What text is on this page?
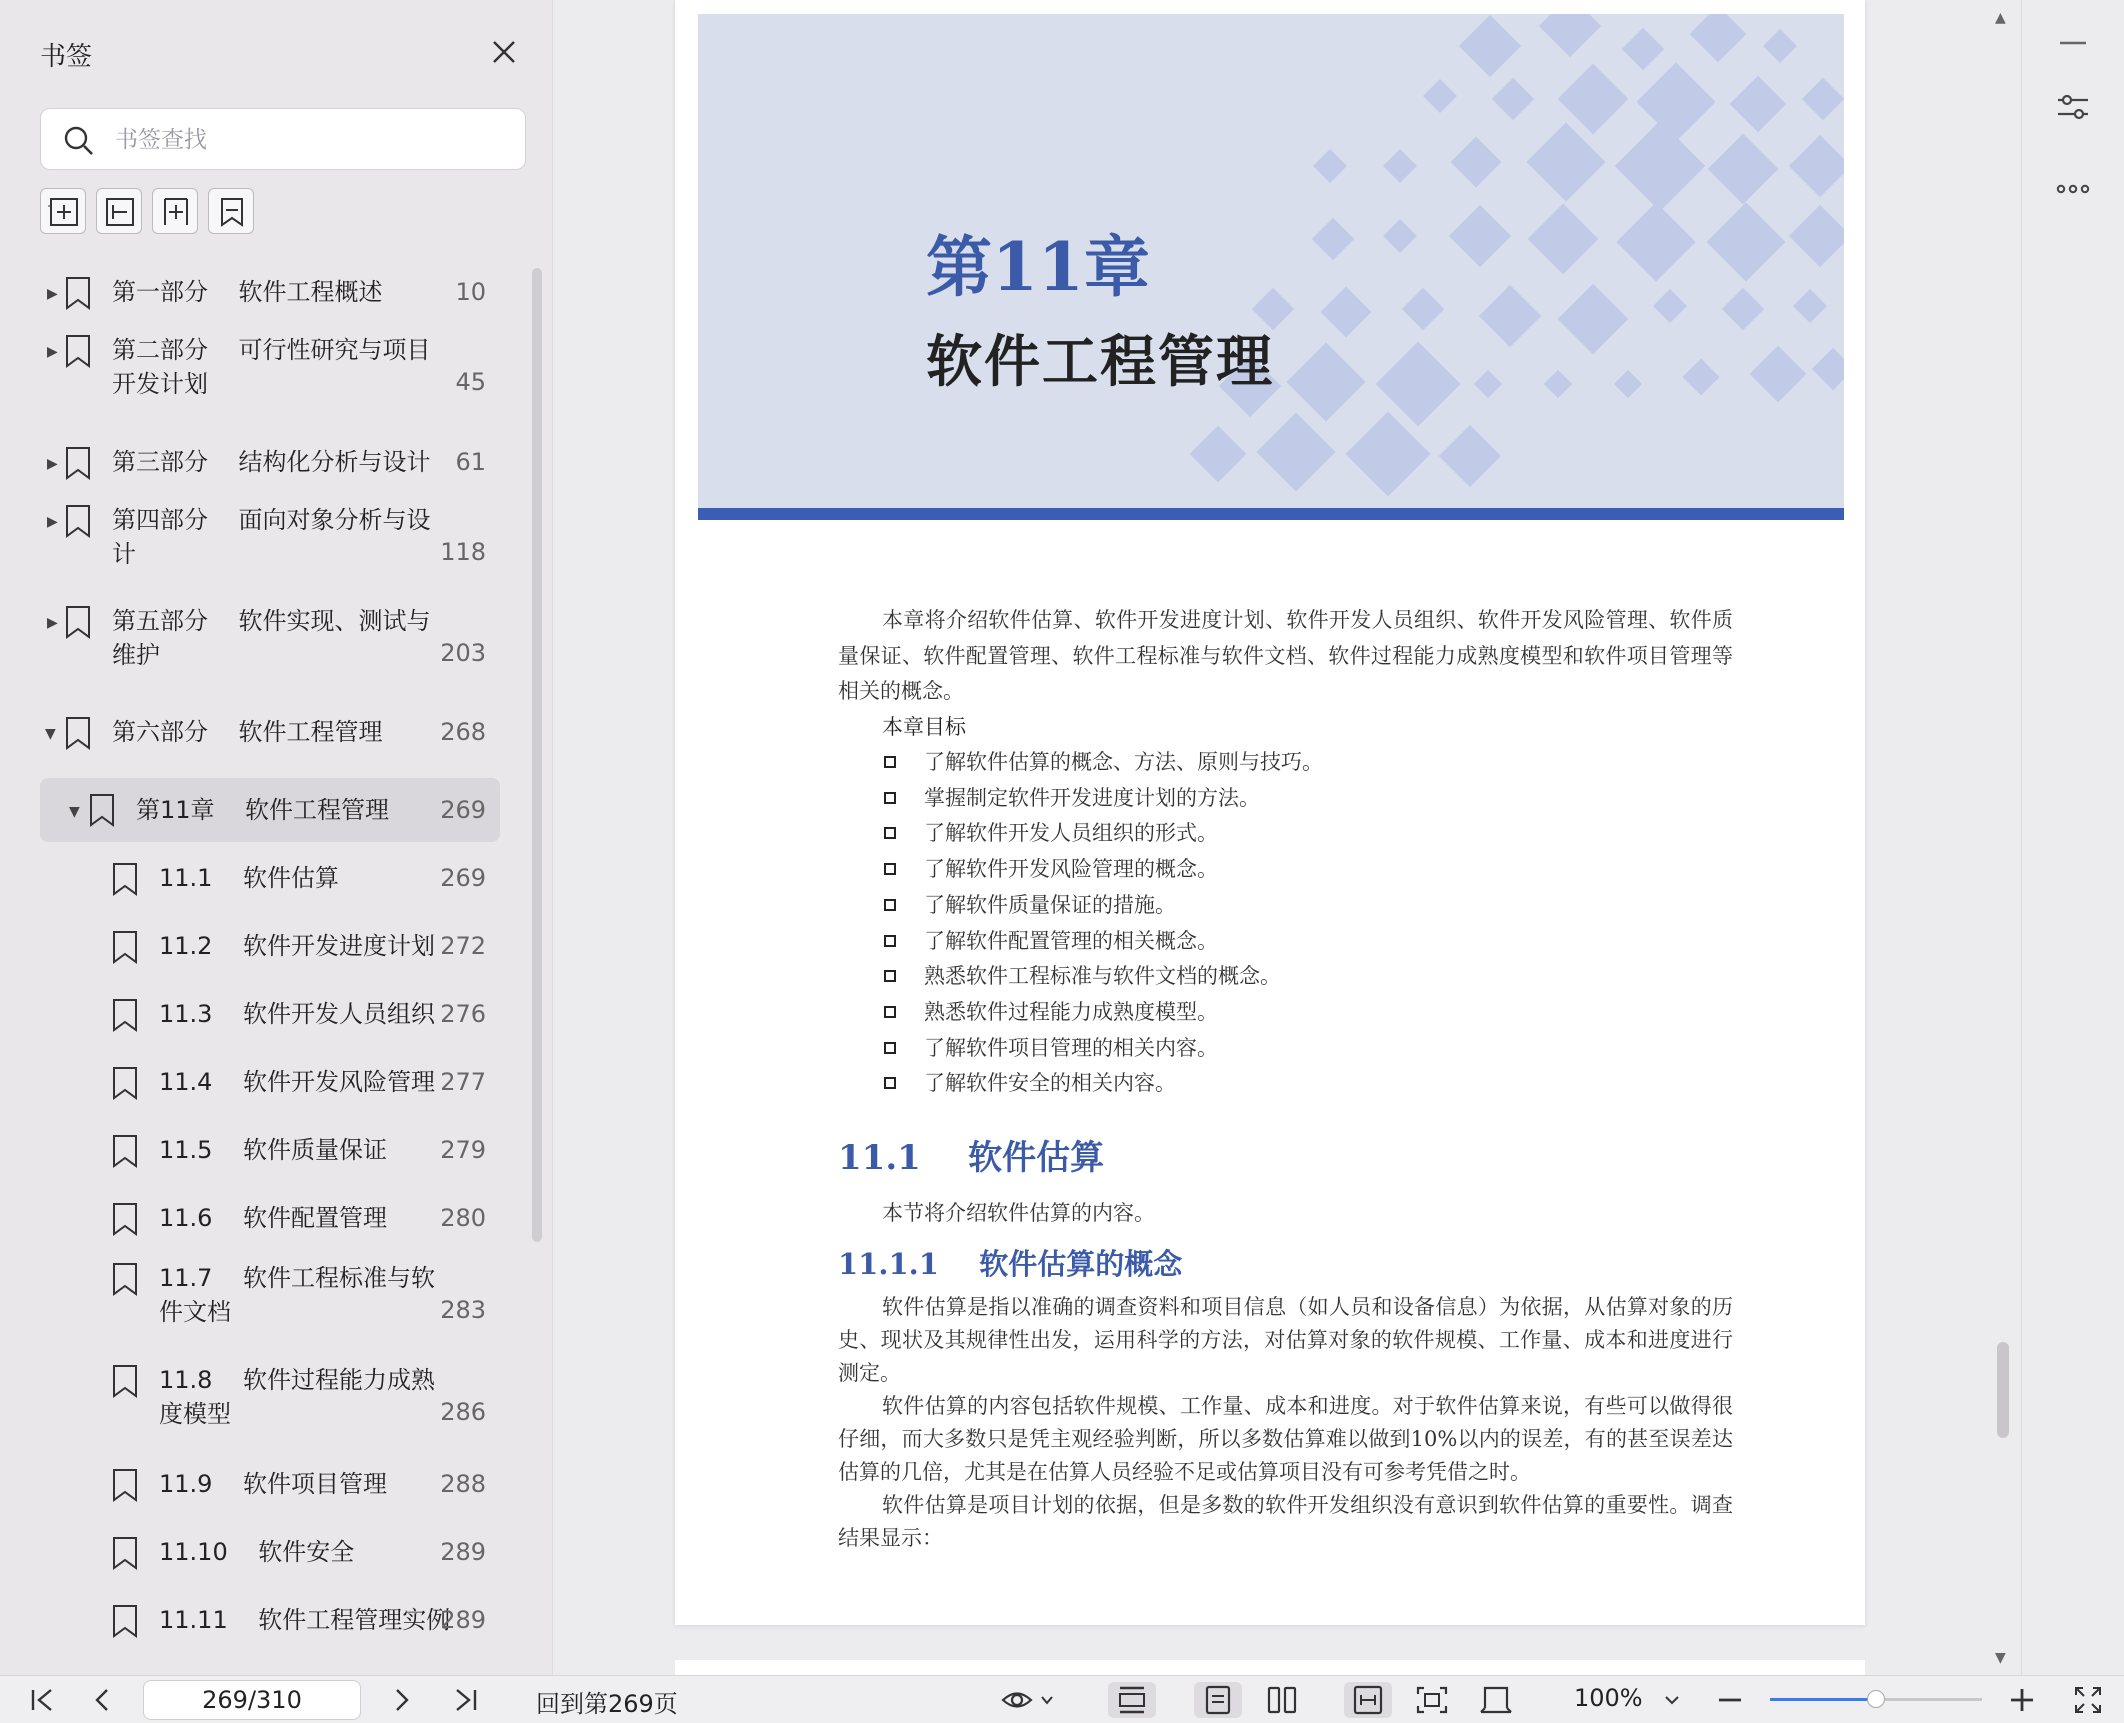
书签
书签查找
▶ 第一部分    软件工程概述	10
▶ 第二部分    可行性研究与项目
开发计划	45
▶ 第三部分    结构化分析与设计 61
▶ 第四部分    面向对象分析与设
计	118
▶ 第五部分    软件实现、测试与
维护	203
▼ 第六部分    软件工程管理 268
▼ 第11章    软件工程管理 269
11.1    软件估算	269
11.2    软件开发进度计划 272
11.3    软件开发人员组织 276
11.4    软件开发风险管理 277
11.5    软件质量保证 279
11.6    软件配置管理 280
11.7    软件工程标准与软
件文档	283
11.8    软件过程能力成熟
度模型	286
11.9    软件项目管理 288
11.10    软件安全	289
11.11    软件工程管理实例
289
第11章
软件工程管理

本章将介绍软件估算、软件开发进度计划、软件开发人员组织、软件开发风险管理、软件质量保证、软件配置管理、软件工程标准与软件文档、软件过程能力成熟度模型和软件项目管理等相关的概念。

本章目标

了解软件估算的概念、方法、原则与技巧。

掌握制定软件开发进度计划的方法。

了解软件开发人员组织的形式。

了解软件开发风险管理的概念。

了解软件质量保证的措施。

了解软件配置管理的相关概念。

熟悉软件工程标准与软件文档的概念。

熟悉软件过程能力成熟度模型。

了解软件项目管理的相关内容。

了解软件安全的相关内容。

11.1    软件估算

本节将介绍软件估算的内容。

11.1.1    软件估算的概念

软件估算是指以准确的调查资料和项目信息（如人员和设备信息）为依据，从估算对象的历史、现状及其规律性出发，运用科学的方法，对估算对象的软件规模、工作量、成本和进度进行测定。

软件估算的内容包括软件规模、工作量、成本和进度。对于软件估算来说，有些可以做得很仔细，而大多数只是凭主观经验判断，所以多数估算难以做到10%以内的误差，有的甚至误差达估算的几倍，尤其是在估算人员经验不足或估算项目没有可参考凭借之时。

软件估算是项目计划的依据，但是多数的软件开发组织没有意识到软件估算的重要性。调查结果显示：

▲
▼
269/310	回到第269页	100%
